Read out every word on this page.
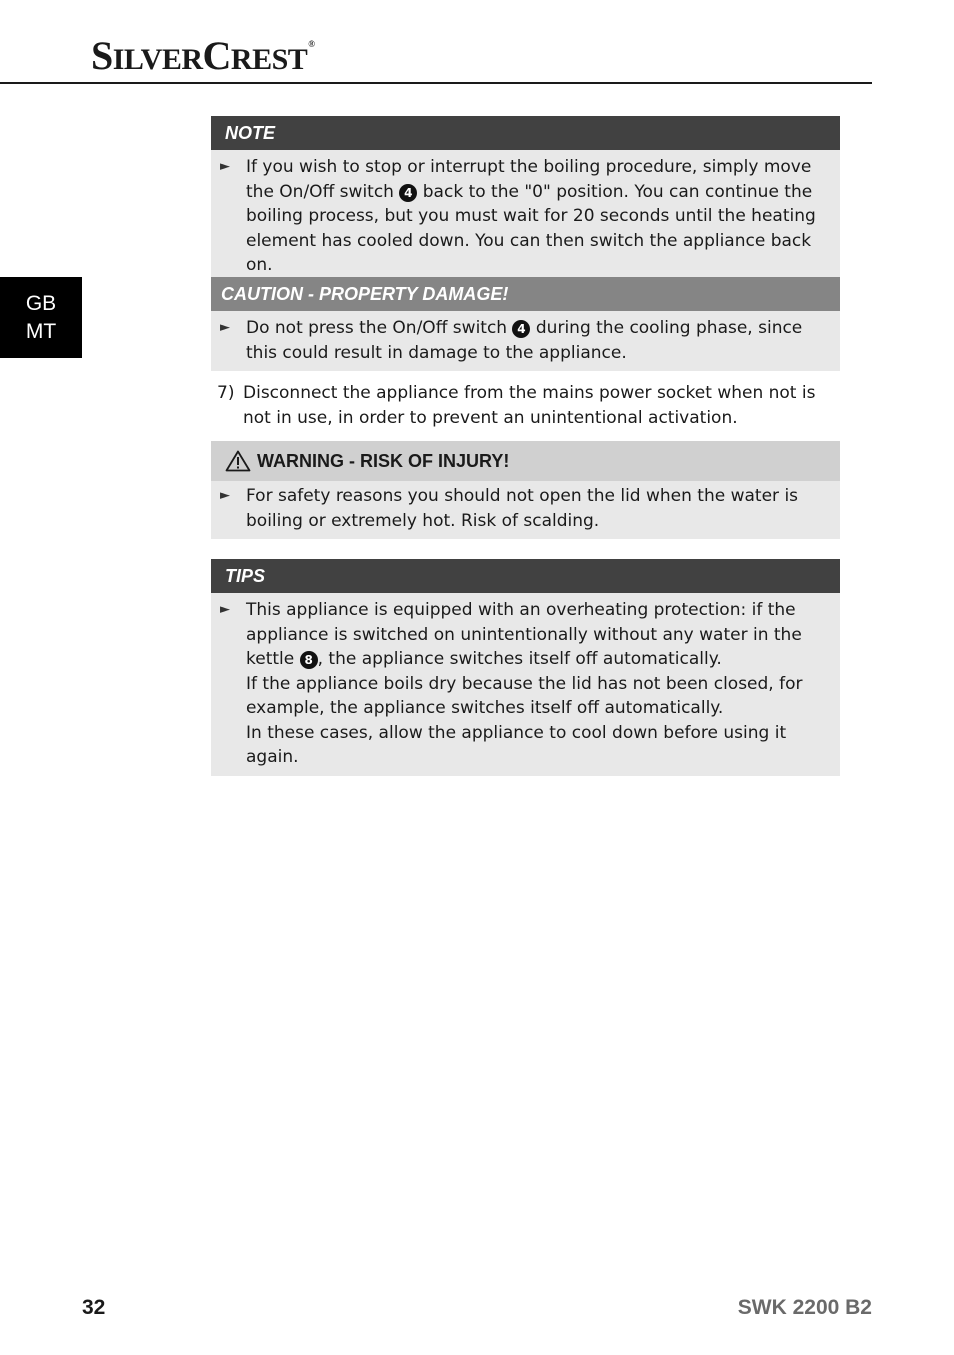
SILVERCREST®
GB
MT
NOTE
► If you wish to stop or interrupt the boiling procedure, simply move the On/Off switch 4 back to the "0" position. You can continue the boiling process, but you must wait for 20 seconds until the heating element has cooled down. You can then switch the appliance back on.
CAUTION - PROPERTY DAMAGE!
► Do not press the On/Off switch 4 during the cooling phase, since this could result in damage to the appliance.
7) Disconnect the appliance from the mains power socket when not is not in use, in order to prevent an unintentional activation.
WARNING - RISK OF INJURY!
► For safety reasons you should not open the lid when the water is boiling or extremely hot. Risk of scalding.
TIPS
► This appliance is equipped with an overheating protection: if the appliance is switched on unintentionally without any water in the kettle 8 , the appliance switches itself off automatically.

If the appliance boils dry because the lid has not been closed, for example, the appliance switches itself off automatically.

In these cases, allow the appliance to cool down before using it again.

32	SWK 2200 B2
